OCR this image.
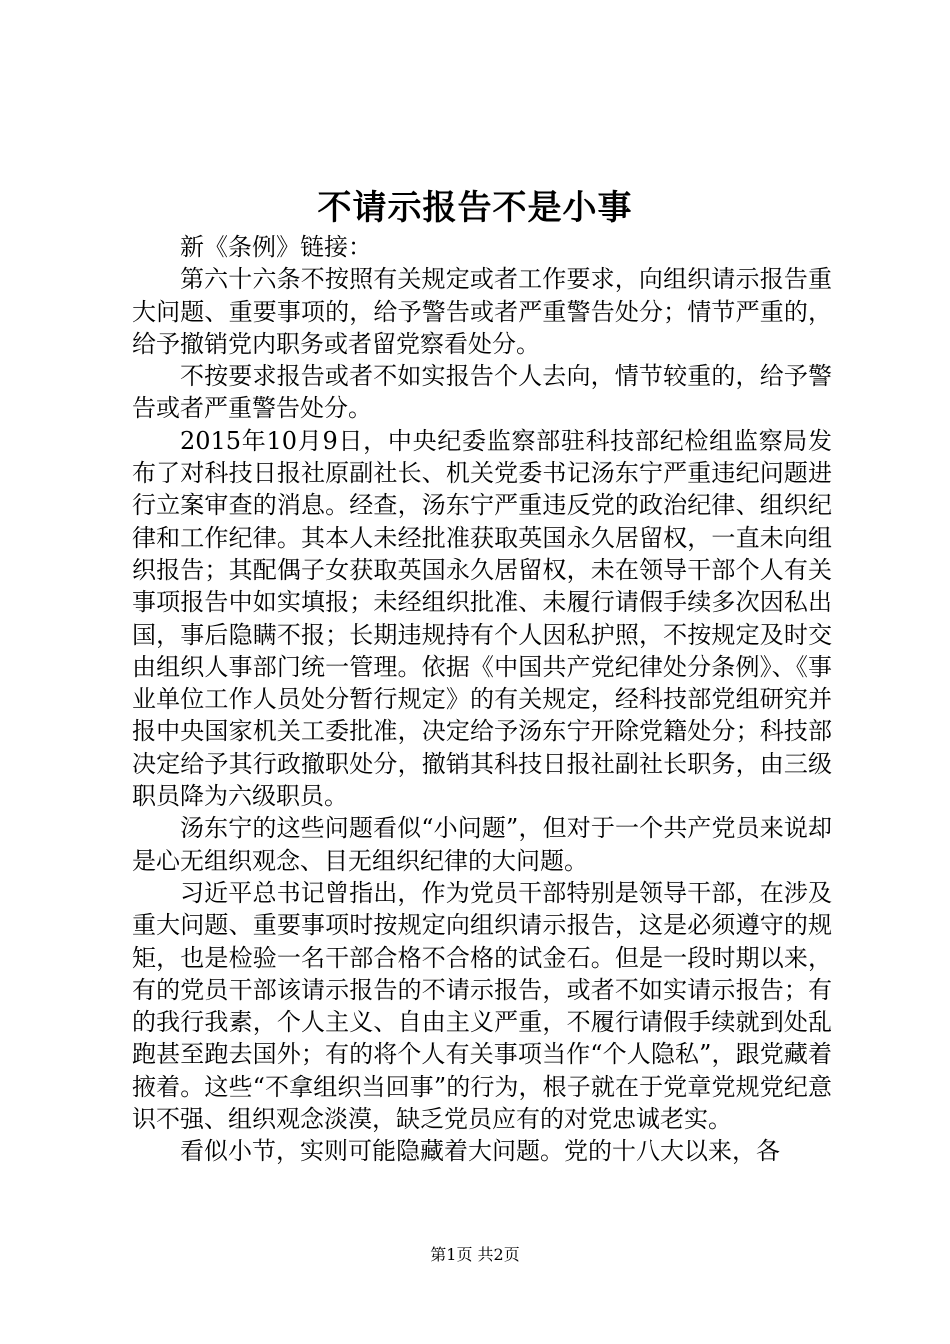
不请示报告不是小事

新《条例》链接：

第六十六条不按照有关规定或者工作要求，向组织请示报告重大问题、重要事项的，给予警告或者严重警告处分；情节严重的，给予撤销党内职务或者留党察看处分。

不按要求报告或者不如实报告个人去向，情节较重的，给予警告或者严重警告处分。

2015年10月9日，中央纪委监察部驻科技部纪检组监察局发布了对科技日报社原副社长、机关党委书记汤东宁严重违纪问题进行立案审查的消息。经查，汤东宁严重违反党的政治纪律、组织纪律和工作纪律。其本人未经批准获取英国永久居留权，一直未向组织报告；其配偶子女获取英国永久居留权，未在领导干部个人有关事项报告中如实填报；未经组织批准、未履行请假手续多次因私出国，事后隐瞒不报；长期违规持有个人因私护照，不按规定及时交由组织人事部门统一管理。依据《中国共产党纪律处分条例》、《事业单位工作人员处分暂行规定》的有关规定，经科技部党组研究并报中央国家机关工委批准，决定给予汤东宁开除党籍处分；科技部决定给予其行政撤职处分，撤销其科技日报社副社长职务，由三级职员降为六级职员。

汤东宁的这些问题看似“小问题”，但对于一个共产党员来说却是心无组织观念、目无组织纪律的大问题。

习近平总书记曾指出，作为党员干部特别是领导干部，在涉及重大问题、重要事项时按规定向组织请示报告，这是必须遵守的规矩，也是检验一名干部合格不合格的试金石。但是一段时期以来，有的党员干部该请示报告的不请示报告，或者不如实请示报告；有的我行我素，个人主义、自由主义严重，不履行请假手续就到处乱跑甚至跑去国外；有的将个人有关事项当作“个人隐私”，跟党藏着掖着。这些“不拿组织当回事”的行为，根子就在于党章党规党纪意识不强、组织观念淡漠，缺乏党员应有的对党忠诚老实。

看似小节，实则可能隐藏着大问题。党的十八大以来，各

第1页 共2页
